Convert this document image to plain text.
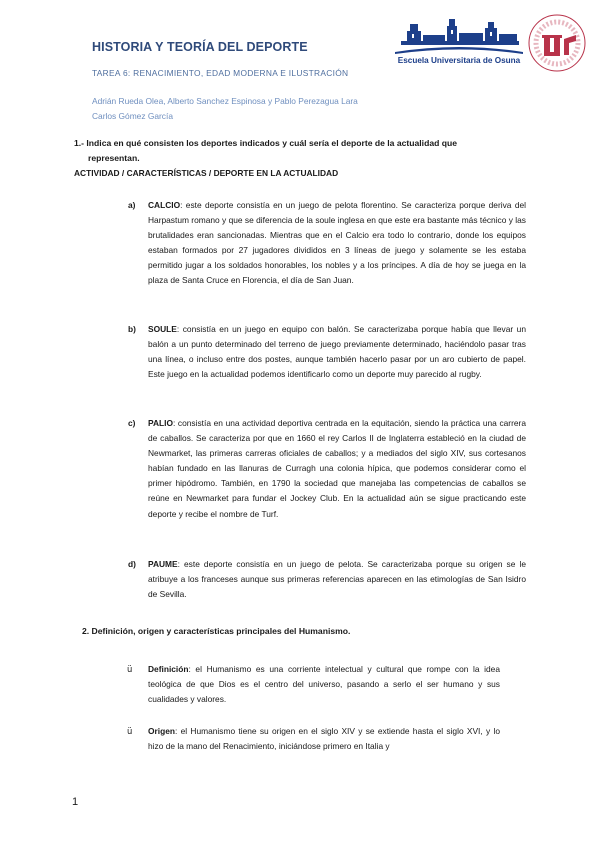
HISTORIA Y TEORÍA DEL DEPORTE
TAREA 6: RENACIMIENTO, EDAD MODERNA E ILUSTRACIÓN
Adrián Rueda Olea, Alberto Sanchez Espinosa y Pablo Perezagua Lara
Carlos Gómez García
Escuela Universitaria de Osuna
1.- Indica en qué consisten los deportes indicados y cuál sería el deporte de la actualidad que
representan.
ACTIVIDAD / CARACTERÍSTICAS / DEPORTE EN LA ACTUALIDAD
a) CALCIO: este deporte consistía en un juego de pelota florentino. Se caracteriza porque deriva del Harpastum romano y que se diferencia de la soule inglesa en que este era bastante más técnico y las brutalidades eran sancionadas. Mientras que en el Calcio era todo lo contrario, donde los equipos estaban formados por 27 jugadores divididos en 3 líneas de juego y solamente se les estaba permitido jugar a los soldados honorables, los nobles y a los príncipes. A día de hoy se juega en la plaza de Santa Cruce en Florencia, el día de San Juan.
b) SOULE: consistía en un juego en equipo con balón. Se caracterizaba porque había que llevar un balón a un punto determinado del terreno de juego previamente determinado, haciéndolo pasar tras una línea, o incluso entre dos postes, aunque también hacerlo pasar por un aro cubierto de papel. Este juego en la actualidad podemos identificarlo como un deporte muy parecido al rugby.
c) PALIO: consistía en una actividad deportiva centrada en la equitación, siendo la práctica una carrera de caballos. Se caracteriza por que en 1660 el rey Carlos II de Inglaterra estableció en la ciudad de Newmarket, las primeras carreras oficiales de caballos; y a mediados del siglo XIV, sus cortesanos habían fundado en las llanuras de Curragh una colonia hípica, que podemos considerar como el primer hipódromo. También, en 1790 la sociedad que manejaba las competencias de caballos se reúne en Newmarket para fundar el Jockey Club. En la actualidad aún se sigue practicando este deporte y recibe el nombre de Turf.
d) PAUME: este deporte consistía en un juego de pelota. Se caracterizaba porque su origen se le atribuye a los franceses aunque sus primeras referencias aparecen en las etimologías de San Isidro de Sevilla.
2. Definición, origen y características principales del Humanismo.
ü Definición: el Humanismo es una corriente intelectual y cultural que rompe con la idea teológica de que Dios es el centro del universo, pasando a serlo el ser humano y sus cualidades y valores.
ü Origen: el Humanismo tiene su origen en el siglo XIV y se extiende hasta el siglo XVI, y lo hizo de la mano del Renacimiento, iniciándose primero en Italia y
1
